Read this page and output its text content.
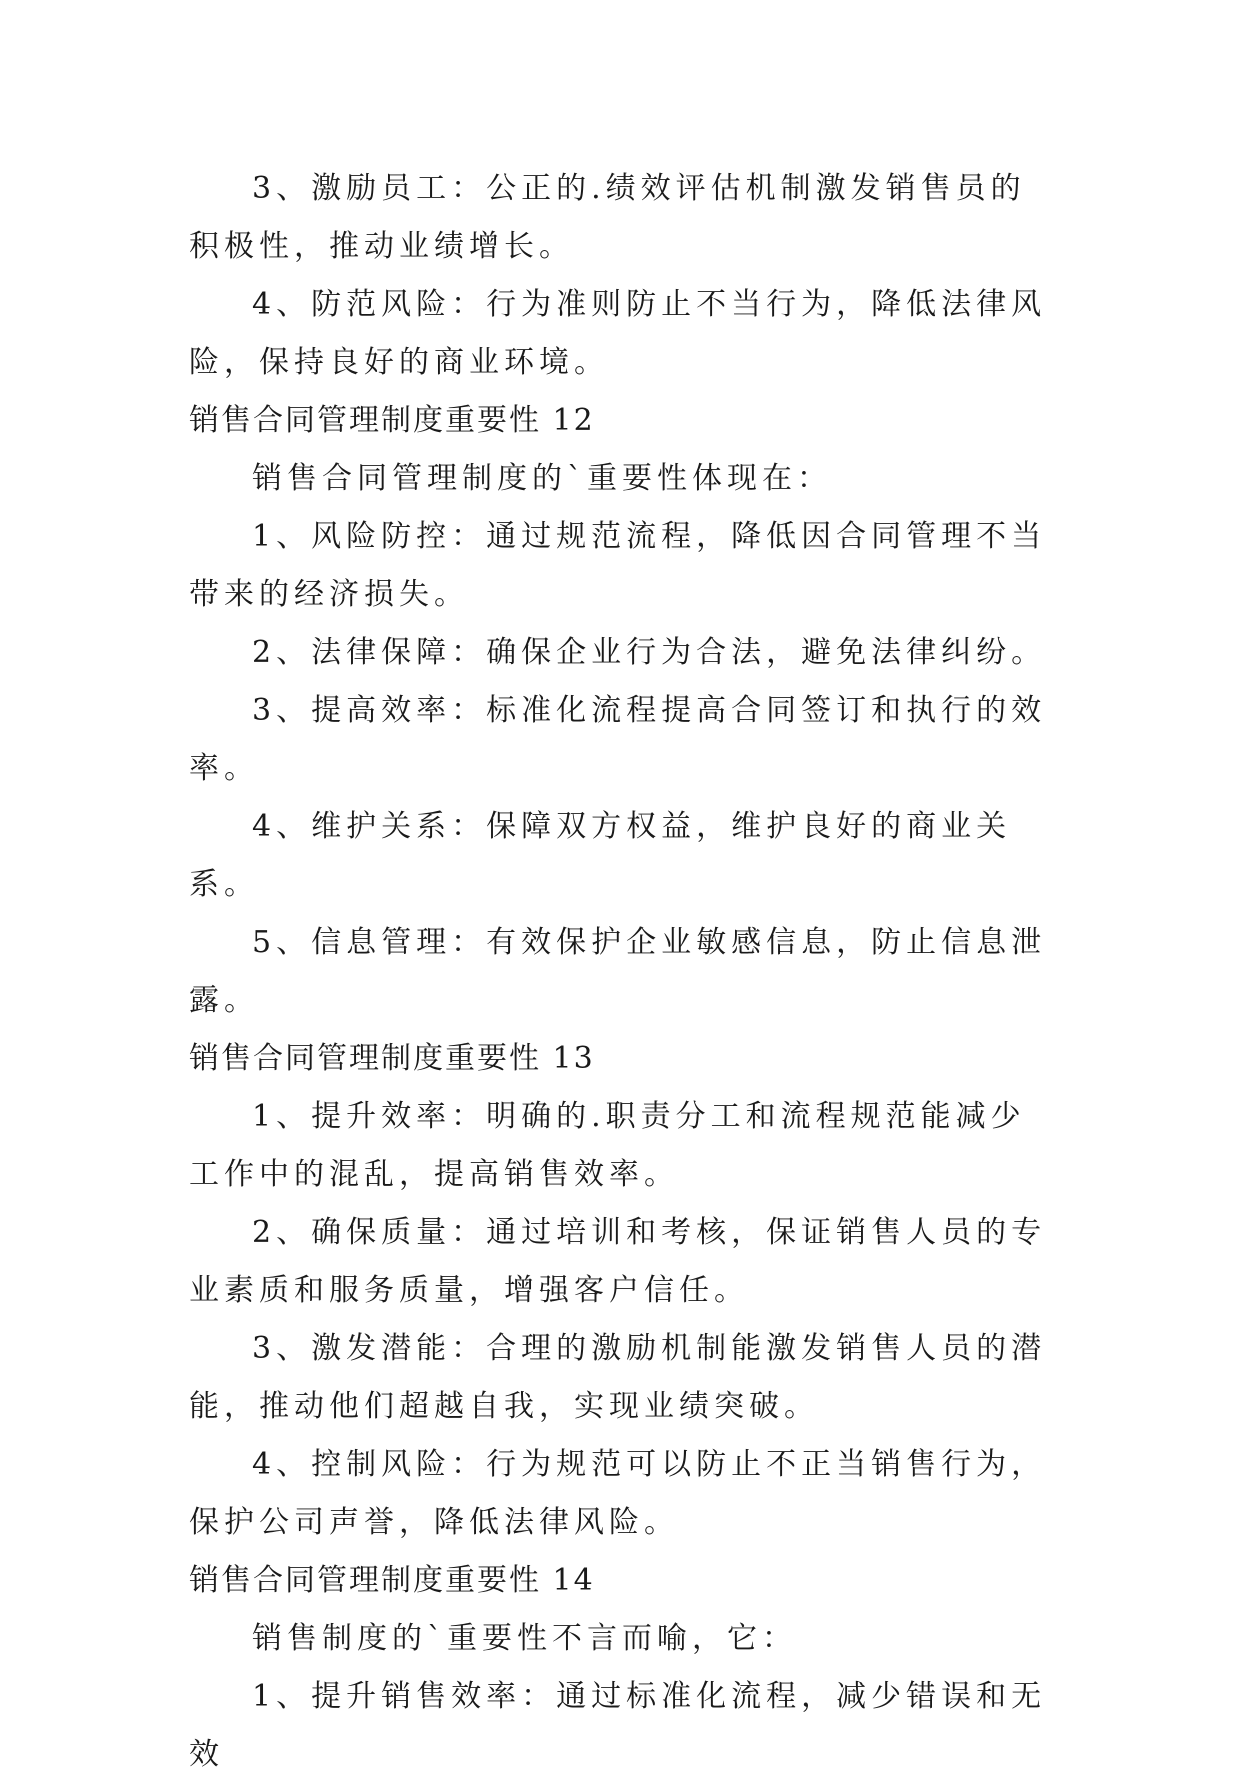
3、激励员工：公正的.绩效评估机制激发销售员的积极性，推动业绩增长。

4、防范风险：行为准则防止不当行为，降低法律风险，保持良好的商业环境。

销售合同管理制度重要性 12

销售合同管理制度的`重要性体现在：

1、风险防控：通过规范流程，降低因合同管理不当带来的经济损失。

2、法律保障：确保企业行为合法，避免法律纠纷。

3、提高效率：标准化流程提高合同签订和执行的效率。

4、维护关系：保障双方权益，维护良好的商业关系。

5、信息管理：有效保护企业敏感信息，防止信息泄露。

销售合同管理制度重要性 13

1、提升效率：明确的.职责分工和流程规范能减少工作中的混乱，提高销售效率。

2、确保质量：通过培训和考核，保证销售人员的专业素质和服务质量，增强客户信任。

3、激发潜能：合理的激励机制能激发销售人员的潜能，推动他们超越自我，实现业绩突破。

4、控制风险：行为规范可以防止不正当销售行为，保护公司声誉，降低法律风险。

销售合同管理制度重要性 14

销售制度的`重要性不言而喻，它：

1、提升销售效率：通过标准化流程，减少错误和无效
